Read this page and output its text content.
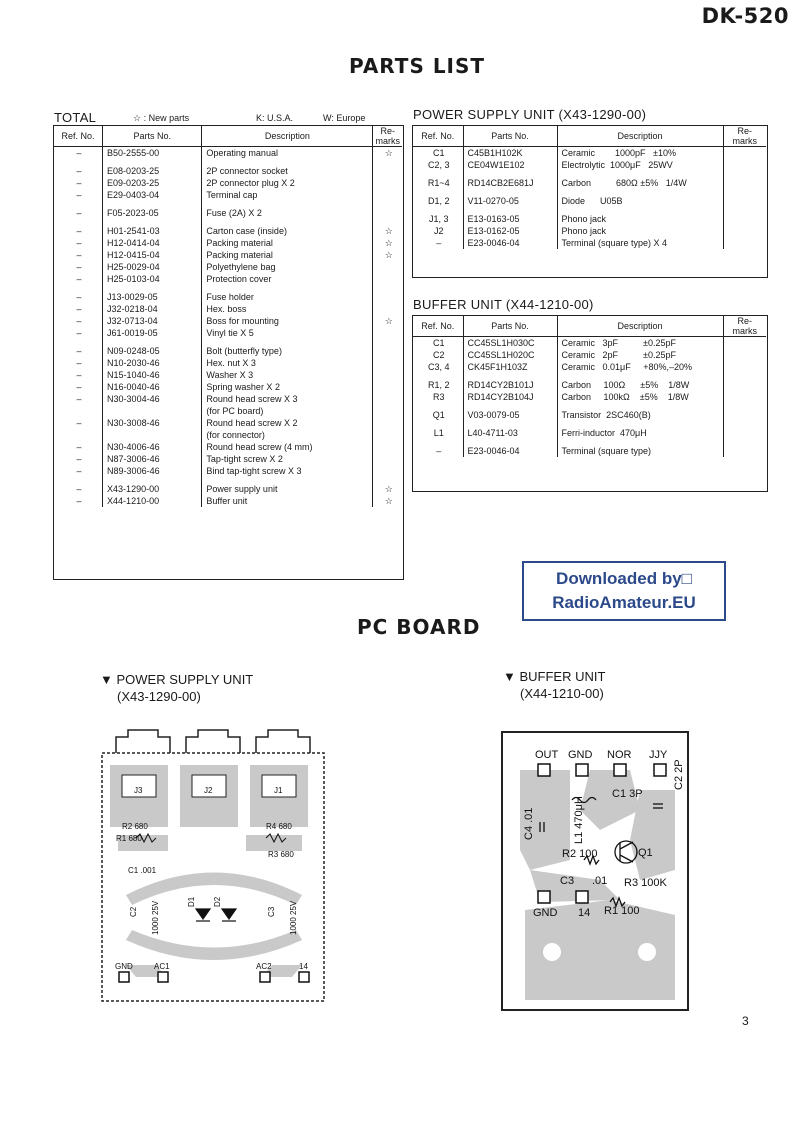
DK-520
PARTS LIST
TOTAL	☆ : New parts	K: U.S.A.	W: Europe
Ref. No.	Parts No.	Description	Re-
marks
–	B50-2555-00	Operating manual	☆

–	E08-0203-25	2P connector socket	
–	E09-0203-25	2P connector plug X 2	
–	E29-0403-04	Terminal cap	

–	F05-2023-05	Fuse (2A) X 2	

–	H01-2541-03	Carton case (inside)	☆
–	H12-0414-04	Packing material	☆
–	H12-0415-04	Packing material	☆
–	H25-0029-04	Polyethylene bag	
–	H25-0103-04	Protection cover	

–	J13-0029-05	Fuse holder	
–	J32-0218-04	Hex. boss	
–	J32-0713-04	Boss for mounting	☆
–	J61-0019-05	Vinyl tie X 5	

–	N09-0248-05	Bolt (butterfly type)	
–	N10-2030-46	Hex. nut X 3	
–	N15-1040-46	Washer X 3	
–	N16-0040-46	Spring washer X 2	
–	N30-3004-46	Round head screw X 3	
		(for PC board)	
–	N30-3008-46	Round head screw X 2	
		(for connector)	
–	N30-4006-46	Round head screw (4 mm)	
–	N87-3006-46	Tap-tight screw X 2	
–	N89-3006-46	Bind tap-tight screw X 3	

–	X43-1290-00	Power supply unit	☆
–	X44-1210-00	Buffer unit	☆
POWER SUPPLY UNIT (X43-1290-00)
Ref. No.	Parts No.	Description	Re-
marks
C1	C45B1H102K	Ceramic        1000pF   ±10%	
C2, 3	CE04W1E102	Electrolytic  1000μF   25WV	

R1~4	RD14CB2E681J	Carbon          680Ω ±5%   1/4W	

D1, 2	V11-0270-05	Diode      U05B	

J1, 3	E13-0163-05	Phono jack	
J2	E13-0162-05	Phono jack	
–	E23-0046-04	Terminal (square type) X 4	
BUFFER UNIT (X44-1210-00)
Ref. No.	Parts No.	Description	Re-
marks
C1	CC45SL1H030C	Ceramic   3pF          ±0.25pF	
C2	CC45SL1H020C	Ceramic   2pF          ±0.25pF	
C3, 4	CK45F1H103Z	Ceramic   0.01μF     +80%,–20%	

R1, 2	RD14CY2B101J	Carbon     100Ω      ±5%    1/8W	
R3	RD14CY2B104J	Carbon     100kΩ    ±5%    1/8W	

Q1	V03-0079-05	Transistor  2SC460(B)	

L1	L40-4711-03	Ferri-inductor  470μH	

–	E23-0046-04	Terminal (square type)	
Downloaded by□
RadioAmateur.EU
PC BOARD
▼ POWER SUPPLY UNIT
(X43-1290-00)
▼ BUFFER UNIT
(X44-1210-00)
J3	J2	J1
R2 680
R1 680
R4 680
R3 680
C1 .001
C2 1000 25V	D1 D2
C3 1000 25V
GND	AC1	AC2	14
OUT GND NOR JJY
C1 3P
C2 2P
C4 .01	L1 470μH
R2 100	Q1
C3 .01 R3 100K
GND 14 R1 100
3
